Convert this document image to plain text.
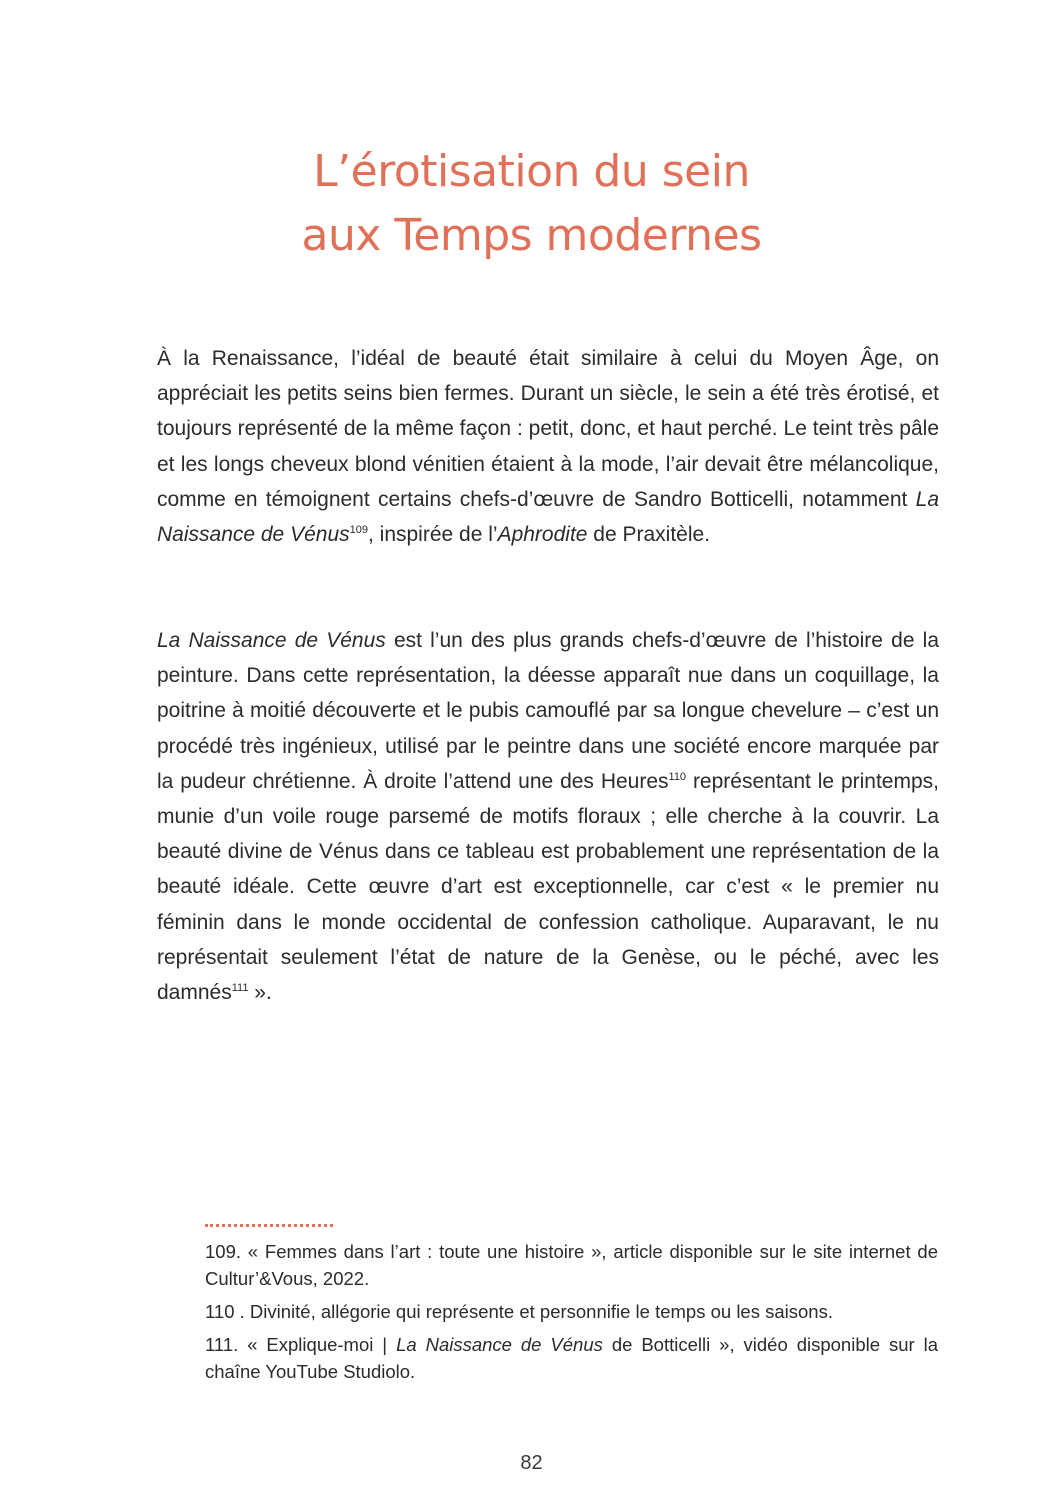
L’érotisation du sein
aux Temps modernes

À la Renaissance, l’idéal de beauté était similaire à celui du Moyen Âge, on appréciait les petits seins bien fermes. Durant un siècle, le sein a été très érotisé, et toujours représenté de la même façon : petit, donc, et haut perché. Le teint très pâle et les longs cheveux blond vénitien étaient à la mode, l’air devait être mélancolique, comme en témoignent certains chefs-d’œuvre de Sandro Botticelli, notamment La Naissance de Vénus$^{109}$, inspirée de l’Aphrodite de Praxitèle.

La Naissance de Vénus est l’un des plus grands chefs-d’œuvre de l’histoire de la peinture. Dans cette représentation, la déesse apparaît nue dans un coquillage, la poitrine à moitié découverte et le pubis camouflé par sa longue chevelure – c’est un procédé très ingénieux, utilisé par le peintre dans une société encore marquée par la pudeur chrétienne. À droite l’attend une des Heures$^{110}$ représentant le printemps, munie d’un voile rouge parsemé de motifs floraux ; elle cherche à la couvrir. La beauté divine de Vénus dans ce tableau est probablement une représentation de la beauté idéale. Cette œuvre d’art est exceptionnelle, car c’est « le premier nu féminin dans le monde occidental de confession catholique. Auparavant, le nu représentait seulement l’état de nature de la Genèse, ou le péché, avec les damnés$^{111}$ ».

109. « Femmes dans l’art : toute une histoire », article disponible sur le site internet de Cultur’&Vous, 2022.

110 . Divinité, allégorie qui représente et personnifie le temps ou les saisons.

111. « Explique-moi | La Naissance de Vénus de Botticelli », vidéo disponible sur la chaîne YouTube Studiolo.

82
